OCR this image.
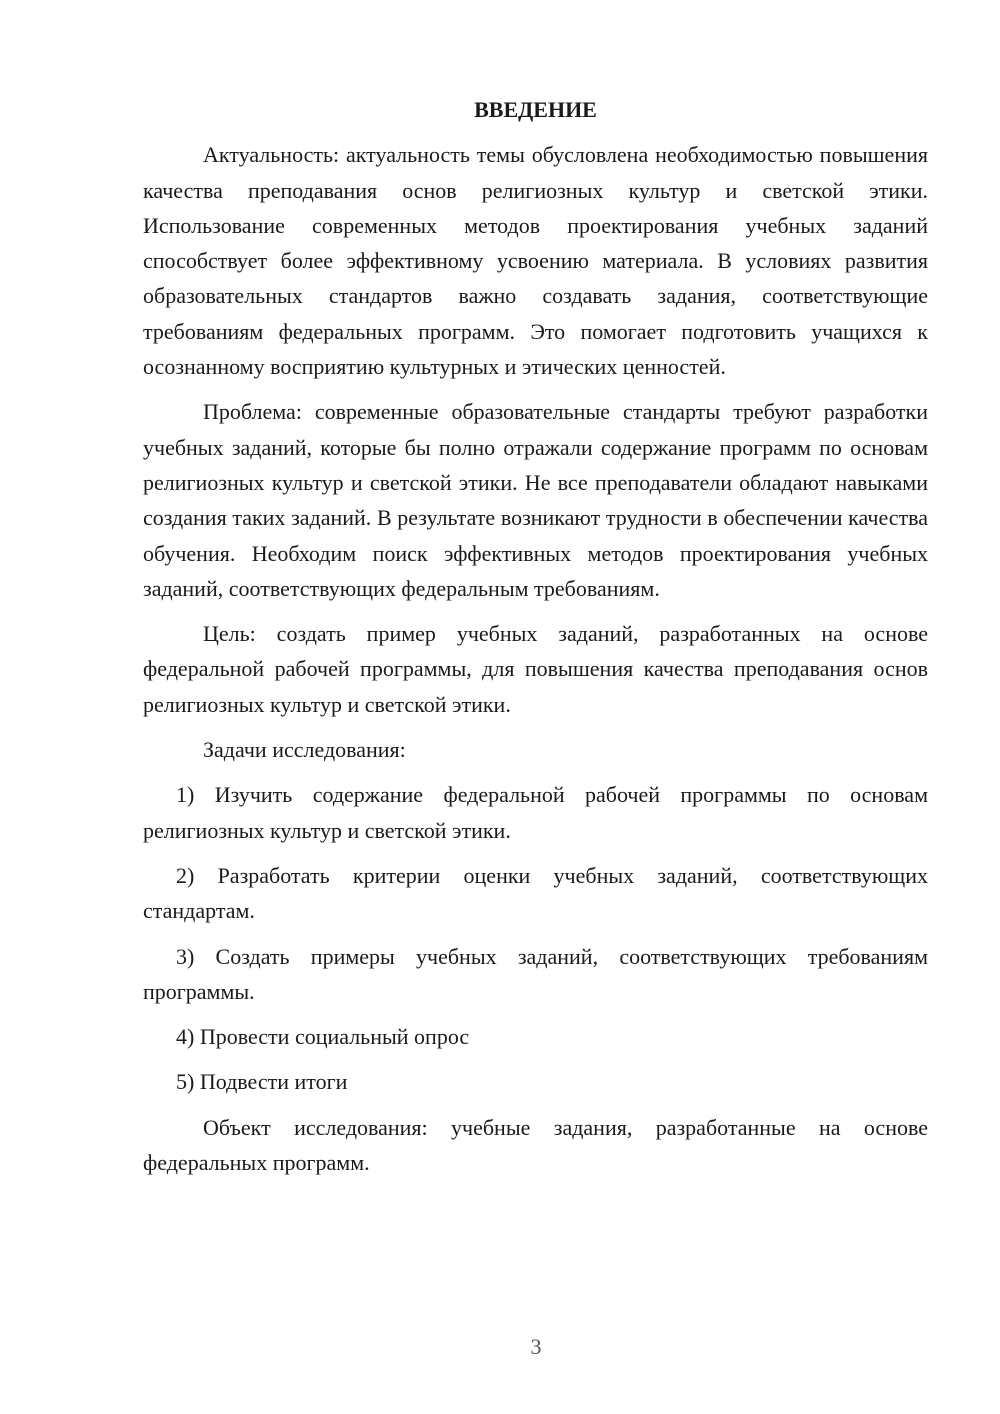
ВВЕДЕНИЕ

Актуальность: актуальность темы обусловлена необходимостью повышения качества преподавания основ религиозных культур и светской этики. Использование современных методов проектирования учебных заданий способствует более эффективному усвоению материала. В условиях развития образовательных стандартов важно создавать задания, соответствующие требованиям федеральных программ. Это помогает подготовить учащихся к осознанному восприятию культурных и этических ценностей.

Проблема: современные образовательные стандарты требуют разработки учебных заданий, которые бы полно отражали содержание программ по основам религиозных культур и светской этики. Не все преподаватели обладают навыками создания таких заданий. В результате возникают трудности в обеспечении качества обучения. Необходим поиск эффективных методов проектирования учебных заданий, соответствующих федеральным требованиям.

Цель: создать пример учебных заданий, разработанных на основе федеральной рабочей программы, для повышения качества преподавания основ религиозных культур и светской этики.

Задачи исследования:

1) Изучить содержание федеральной рабочей программы по основам религиозных культур и светской этики.

2) Разработать критерии оценки учебных заданий, соответствующих стандартам.

3) Создать примеры учебных заданий, соответствующих требованиям программы.

4) Провести социальный опрос

5) Подвести итоги

Объект исследования: учебные задания, разработанные на основе федеральных программ.

3
